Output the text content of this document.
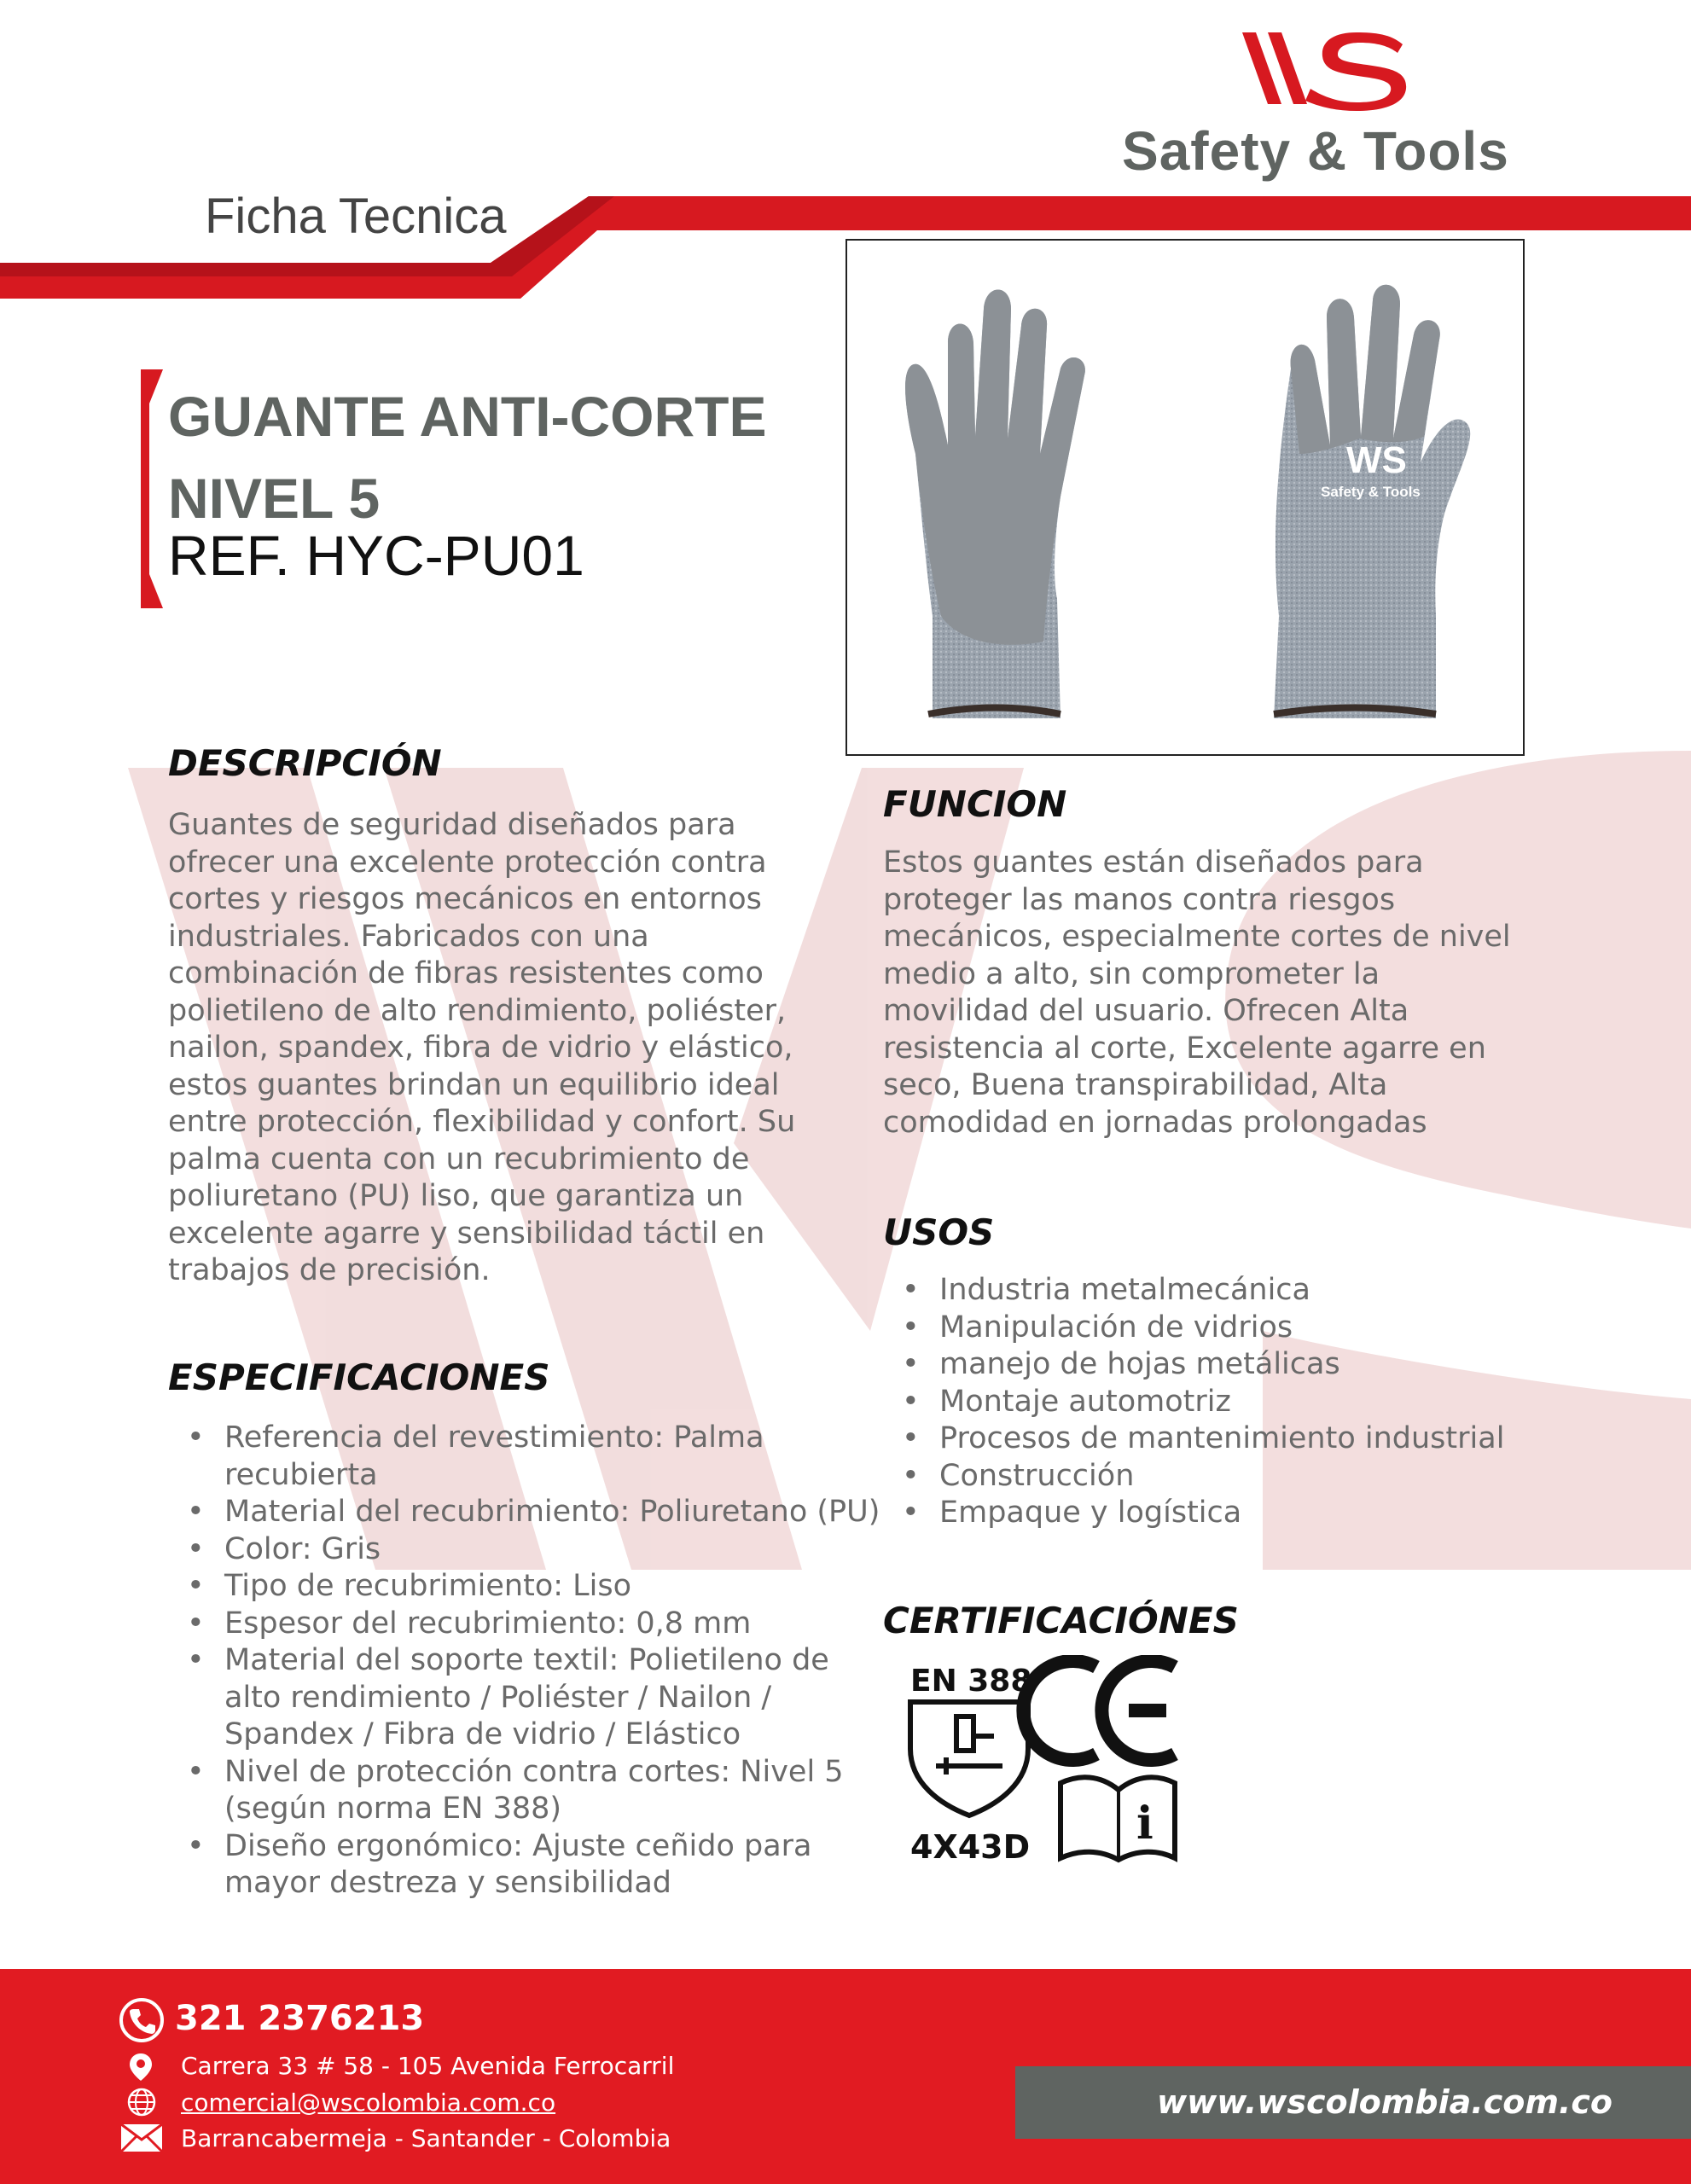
Safety & Tools
Ficha Tecnica
GUANTE ANTI-CORTE
NIVEL 5
REF. HYC-PU01
WS
Safety & Tools
DESCRIPCIÓN
Guantes de seguridad diseñados para ofrecer una excelente protección contra cortes y riesgos mecánicos en entornos industriales. Fabricados con una combinación de fibras resistentes como polietileno de alto rendimiento, poliéster, nailon, spandex, fibra de vidrio y elástico, estos guantes brindan un equilibrio ideal entre protección, flexibilidad y confort. Su palma cuenta con un recubrimiento de poliuretano (PU) liso, que garantiza un excelente agarre y sensibilidad táctil en trabajos de precisión.
ESPECIFICACIONES
• Referencia del revestimiento: Palma recubierta
• Material del recubrimiento: Poliuretano (PU)
• Color: Gris
• Tipo de recubrimiento: Liso
• Espesor del recubrimiento: 0,8 mm
• Material del soporte textil: Polietileno de alto rendimiento / Poliéster / Nailon / Spandex / Fibra de vidrio / Elástico
• Nivel de protección contra cortes: Nivel 5 (según norma EN 388)
• Diseño ergonómico: Ajuste ceñido para mayor destreza y sensibilidad
FUNCION
Estos guantes están diseñados para proteger las manos contra riesgos mecánicos, especialmente cortes de nivel medio a alto, sin comprometer la movilidad del usuario. Ofrecen Alta resistencia al corte, Excelente agarre en seco, Buena transpirabilidad, Alta comodidad en jornadas prolongadas
USOS
• Industria metalmecánica
• Manipulación de vidrios
• manejo de hojas metálicas
• Montaje automotriz
• Procesos de mantenimiento industrial
• Construcción
• Empaque y logística
CERTIFICACIÓNES
EN 388
4X43D i
321 2376213
Carrera 33 # 58 - 105 Avenida Ferrocarril
comercial@wscolombia.com.co
Barrancabermeja - Santander - Colombia
www.wscolombia.com.co
